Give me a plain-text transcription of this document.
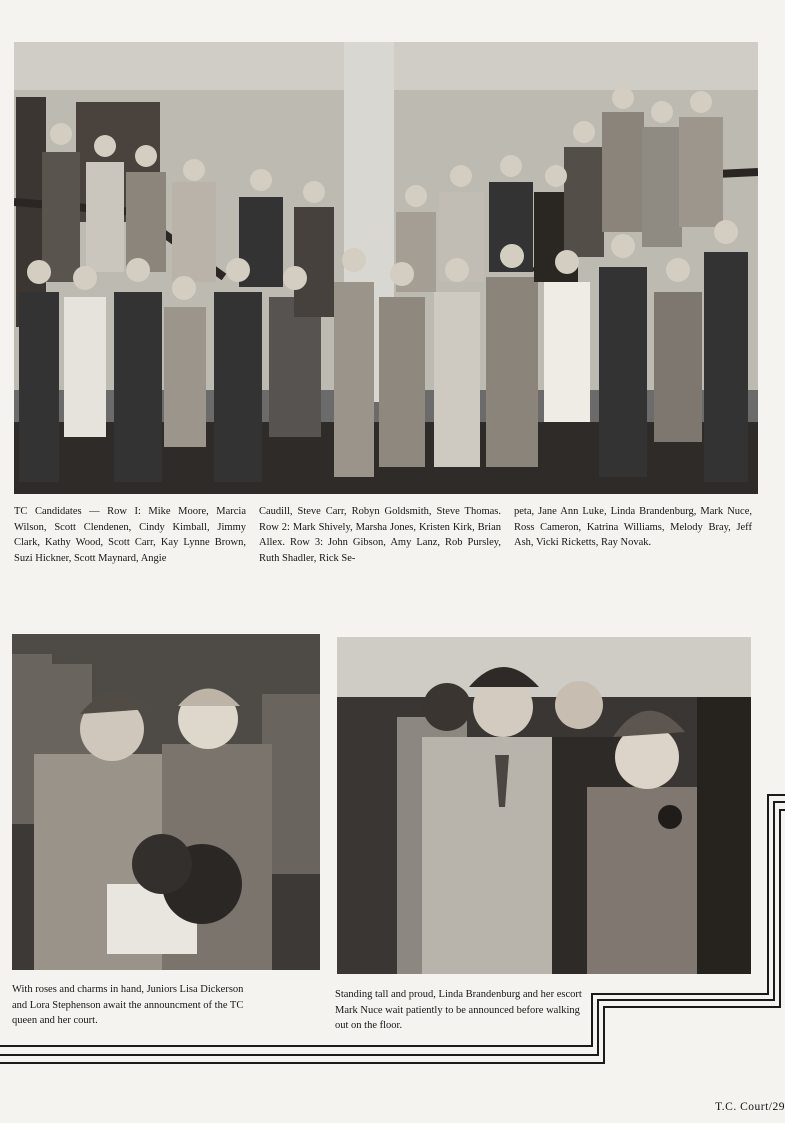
TC Candidates — Row I: Mike Moore, Marcia Wilson, Scott Clendenen, Cindy Kimball, Jimmy Clark, Kathy Wood, Scott Carr, Kay Lynne Brown, Suzi Hickner, Scott Maynard, Angie

Caudill, Steve Carr, Robyn Goldsmith, Steve Thomas. Row 2: Mark Shively, Marsha Jones, Kristen Kirk, Brian Allex. Row 3: John Gibson, Amy Lanz, Rob Pursley, Ruth Shadler, Rick Se-

peta, Jane Ann Luke, Linda Brandenburg, Mark Nuce, Ross Cameron, Katrina Williams, Melody Bray, Jeff Ash, Vicki Ricketts, Ray Novak.

With roses and charms in hand, Juniors Lisa Dickerson and Lora Stephenson await the announcment of the TC queen and her court.

Standing tall and proud, Linda Brandenburg and her escort Mark Nuce wait patiently to be announced before walking out on the floor.

T.C. Court/29
